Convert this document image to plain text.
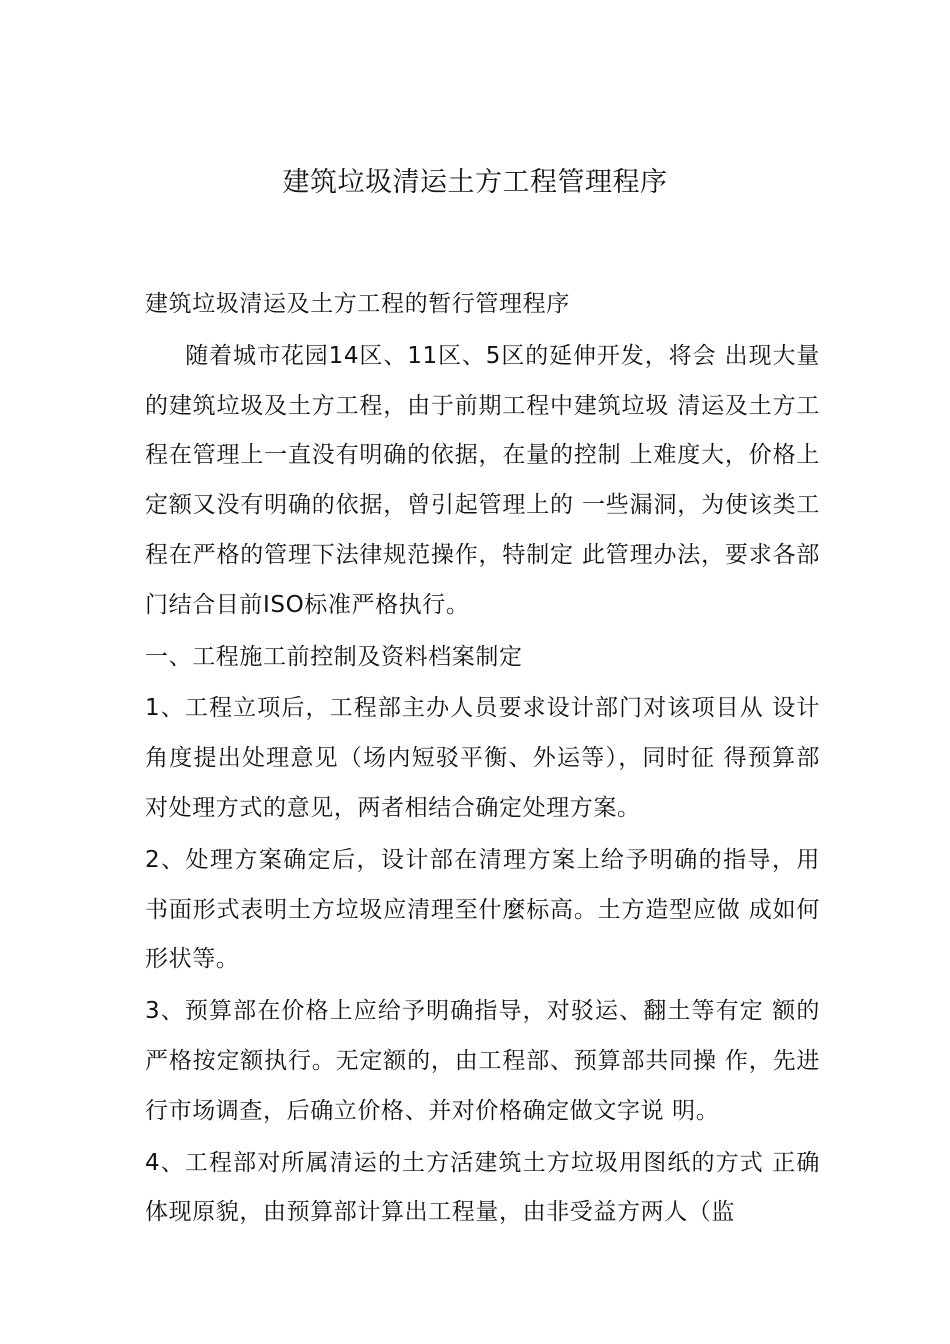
建筑垃圾清运土方工程管理程序

建筑垃圾清运及土方工程的暂行管理程序

随着城市花园14区、11区、5区的延伸开发，将会 出现大量的建筑垃圾及土方工程，由于前期工程中建筑垃圾 清运及土方工程在管理上一直没有明确的依据，在量的控制 上难度大，价格上定额又没有明确的依据，曾引起管理上的 一些漏洞，为使该类工程在严格的管理下法律规范操作，特制定 此管理办法，要求各部门结合目前ISO标准严格执行。

一、工程施工前控制及资料档案制定

1、工程立项后，工程部主办人员要求设计部门对该项目从 设计角度提出处理意见（场内短驳平衡、外运等），同时征 得预算部对处理方式的意见，两者相结合确定处理方案。

2、处理方案确定后，设计部在清理方案上给予明确的指导，用书面形式表明土方垃圾应清理至什麼标高。土方造型应做 成如何形状等。

3、预算部在价格上应给予明确指导，对驳运、翻土等有定 额的严格按定额执行。无定额的，由工程部、预算部共同操 作，先进行市场调查，后确立价格、并对价格确定做文字说 明。

4、工程部对所属清运的土方活建筑土方垃圾用图纸的方式 正确体现原貌，由预算部计算出工程量，由非受益方两人（监
